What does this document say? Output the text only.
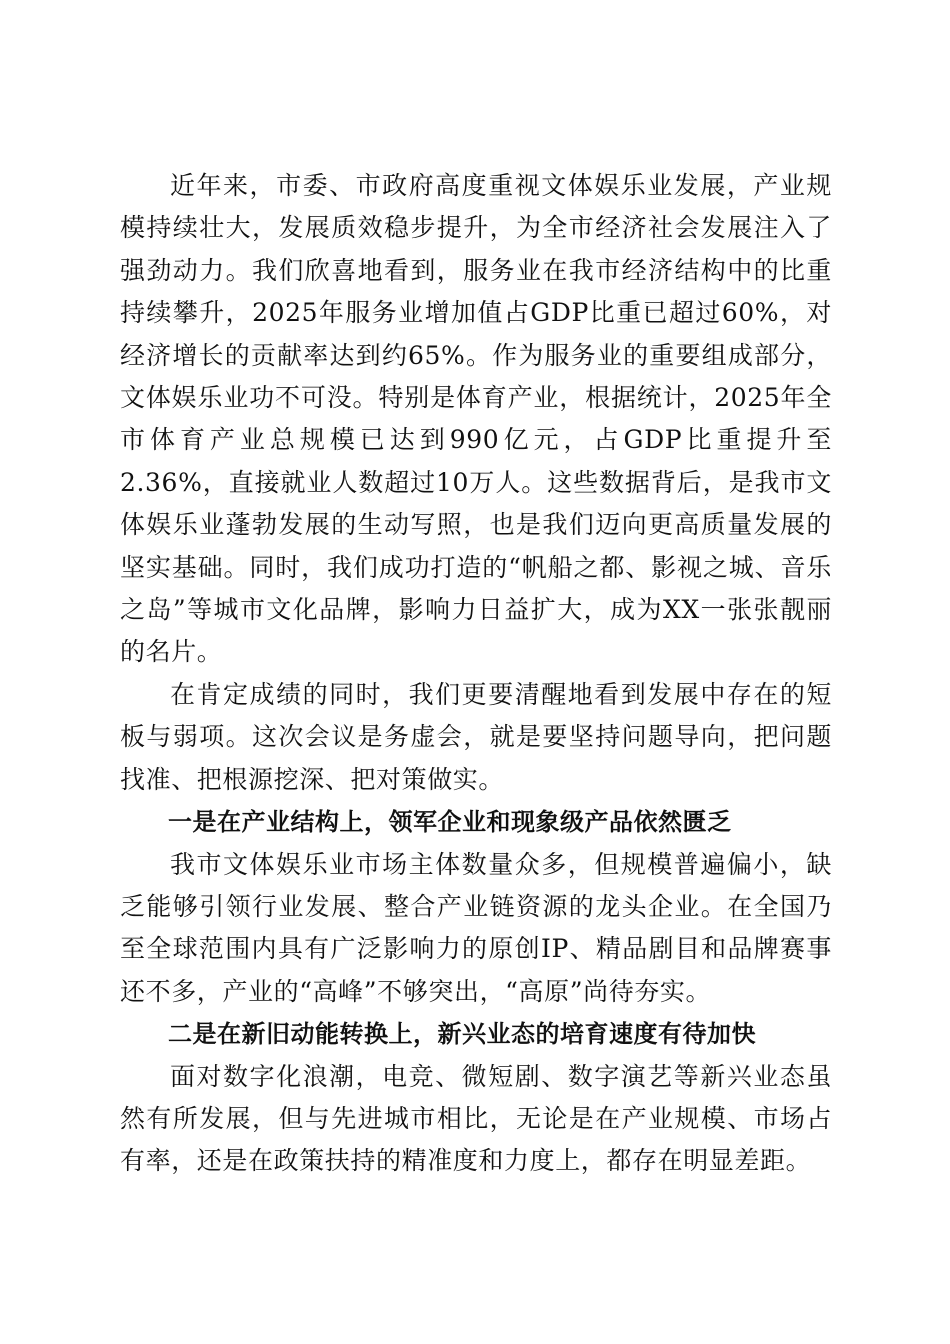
近年来，市委、市政府高度重视文体娱乐业发展，产业规模持续壮大，发展质效稳步提升，为全市经济社会发展注入了强劲动力。我们欣喜地看到，服务业在我市经济结构中的比重持续攀升，2025年服务业增加值占GDP比重已超过60%，对经济增长的贡献率达到约65%。作为服务业的重要组成部分，文体娱乐业功不可没。特别是体育产业，根据统计，2025年全市体育产业总规模已达到990亿元，占GDP比重提升至2.36%，直接就业人数超过10万人。这些数据背后，是我市文体娱乐业蓬勃发展的生动写照，也是我们迈向更高质量发展的坚实基础。同时，我们成功打造的“帆船之都、影视之城、音乐之岛”等城市文化品牌，影响力日益扩大，成为XX一张张靓丽的名片。

在肯定成绩的同时，我们更要清醒地看到发展中存在的短板与弱项。这次会议是务虚会，就是要坚持问题导向，把问题找准、把根源挖深、把对策做实。

一是在产业结构上，领军企业和现象级产品依然匮乏

我市文体娱乐业市场主体数量众多，但规模普遍偏小，缺乏能够引领行业发展、整合产业链资源的龙头企业。在全国乃至全球范围内具有广泛影响力的原创IP、精品剧目和品牌赛事还不多，产业的“高峰”不够突出，“高原”尚待夯实。

二是在新旧动能转换上，新兴业态的培育速度有待加快

面对数字化浪潮，电竞、微短剧、数字演艺等新兴业态虽然有所发展，但与先进城市相比，无论是在产业规模、市场占有率，还是在政策扶持的精准度和力度上，都存在明显差距。
